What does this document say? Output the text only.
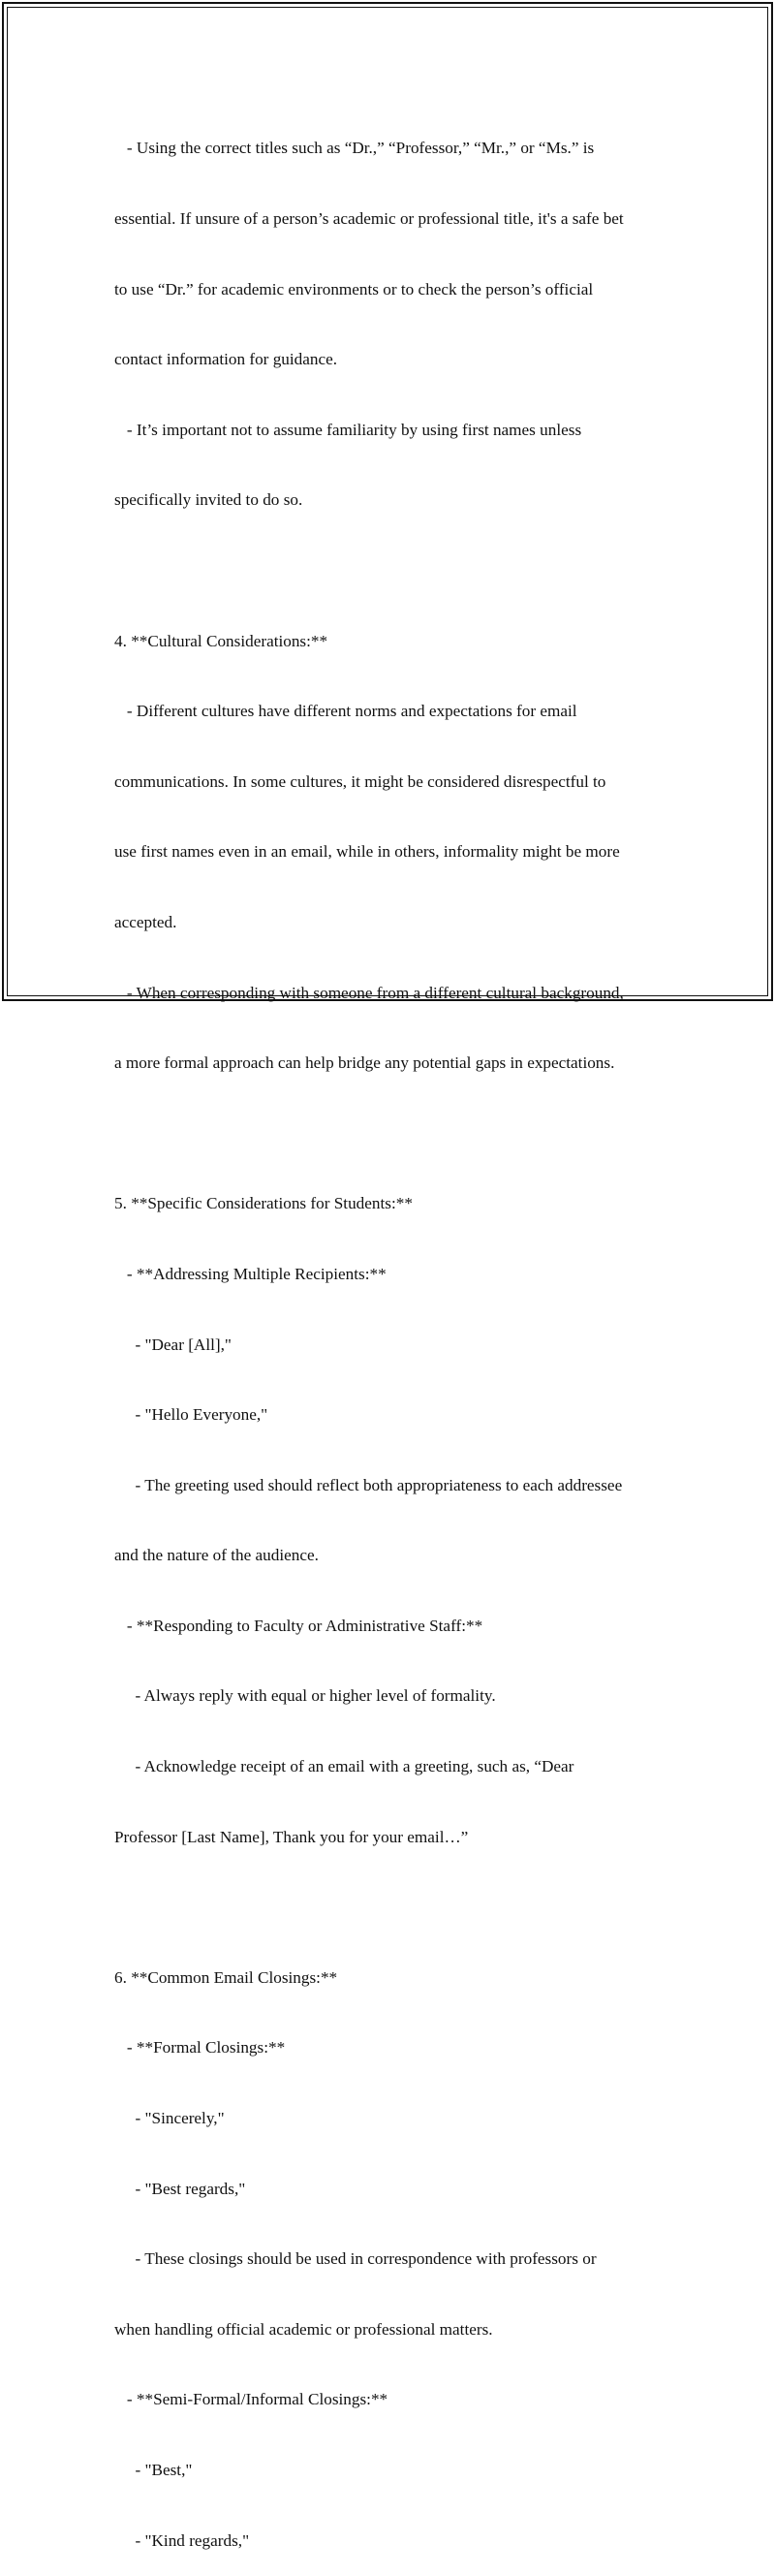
- Using the correct titles such as “Dr.,” “Professor,” “Mr.,” or “Ms.” is

essential. If unsure of a person’s academic or professional title, it's a safe bet

to use “Dr.” for academic environments or to check the person’s official

contact information for guidance.

- It’s important not to assume familiarity by using first names unless

specifically invited to do so.

4. **Cultural Considerations:**

- Different cultures have different norms and expectations for email

communications. In some cultures, it might be considered disrespectful to

use first names even in an email, while in others, informality might be more

accepted.

- When corresponding with someone from a different cultural background,

a more formal approach can help bridge any potential gaps in expectations.

5. **Specific Considerations for Students:**

- **Addressing Multiple Recipients:**

- "Dear [All],"

- "Hello Everyone,"

- The greeting used should reflect both appropriateness to each addressee

and the nature of the audience.

- **Responding to Faculty or Administrative Staff:**

- Always reply with equal or higher level of formality.

- Acknowledge receipt of an email with a greeting, such as, “Dear

Professor [Last Name], Thank you for your email…”

6. **Common Email Closings:**

- **Formal Closings:**

- "Sincerely,"

- "Best regards,"

- These closings should be used in correspondence with professors or

when handling official academic or professional matters.

- **Semi-Formal/Informal Closings:**

- "Best,"

- "Kind regards,"
